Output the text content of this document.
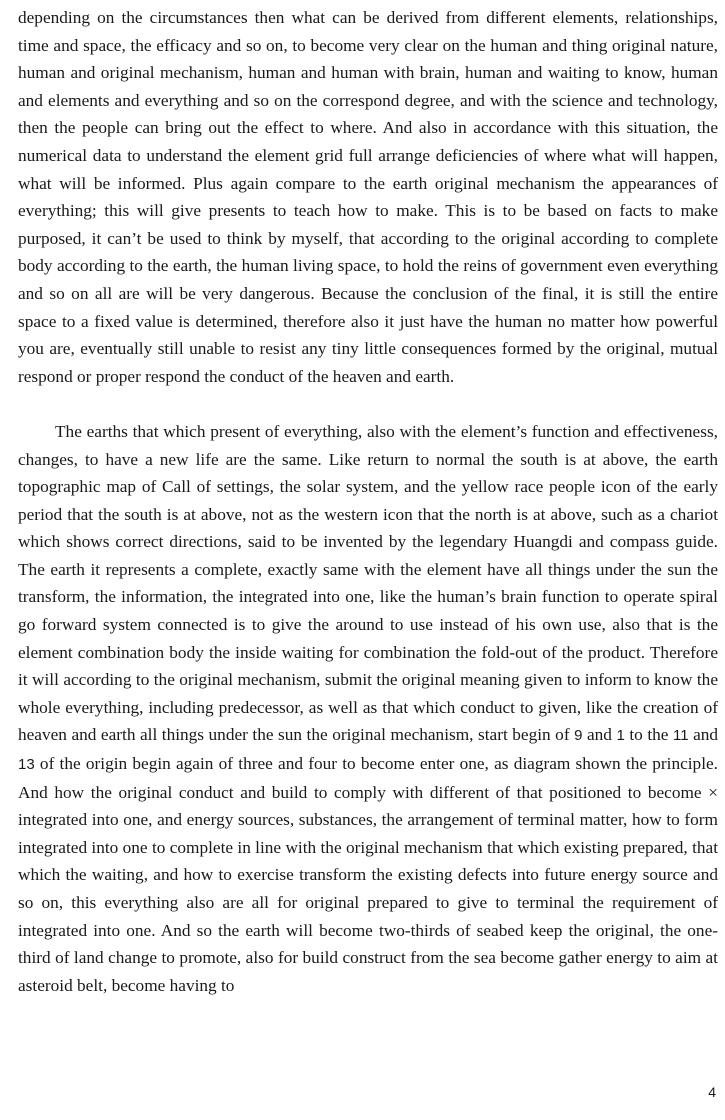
depending on the circumstances then what can be derived from different elements, relationships, time and space, the efficacy and so on, to become very clear on the human and thing original nature, human and original mechanism, human and human with brain, human and waiting to know, human and elements and everything and so on the correspond degree, and with the science and technology, then the people can bring out the effect to where. And also in accordance with this situation, the numerical data to understand the element grid full arrange deficiencies of where what will happen, what will be informed. Plus again compare to the earth original mechanism the appearances of everything; this will give presents to teach how to make. This is to be based on facts to make purposed, it can’t be used to think by myself, that according to the original according to complete body according to the earth, the human living space, to hold the reins of government even everything and so on all are will be very dangerous. Because the conclusion of the final, it is still the entire space to a fixed value is determined, therefore also it just have the human no matter how powerful you are, eventually still unable to resist any tiny little consequences formed by the original, mutual respond or proper respond the conduct of the heaven and earth.

The earths that which present of everything, also with the element’s function and effectiveness, changes, to have a new life are the same. Like return to normal the south is at above, the earth topographic map of Call of settings, the solar system, and the yellow race people icon of the early period that the south is at above, not as the western icon that the north is at above, such as a chariot which shows correct directions, said to be invented by the legendary Huangdi and compass guide. The earth it represents a complete, exactly same with the element have all things under the sun the transform, the information, the integrated into one, like the human’s brain function to operate spiral go forward system connected is to give the around to use instead of his own use, also that is the element combination body the inside waiting for combination the fold-out of the product. Therefore it will according to the original mechanism, submit the original meaning given to inform to know the whole everything, including predecessor, as well as that which conduct to given, like the creation of heaven and earth all things under the sun the original mechanism, start begin of 9 and 1 to the 11 and 13 of the origin begin again of three and four to become enter one, as diagram shown the principle. And how the original conduct and build to comply with different of that positioned to become × integrated into one, and energy sources, substances, the arrangement of terminal matter, how to form integrated into one to complete in line with the original mechanism that which existing prepared, that which the waiting, and how to exercise transform the existing defects into future energy source and so on, this everything also are all for original prepared to give to terminal the requirement of integrated into one. And so the earth will become two-thirds of seabed keep the original, the one-third of land change to promote, also for build construct from the sea become gather energy to aim at asteroid belt, become having to

4
